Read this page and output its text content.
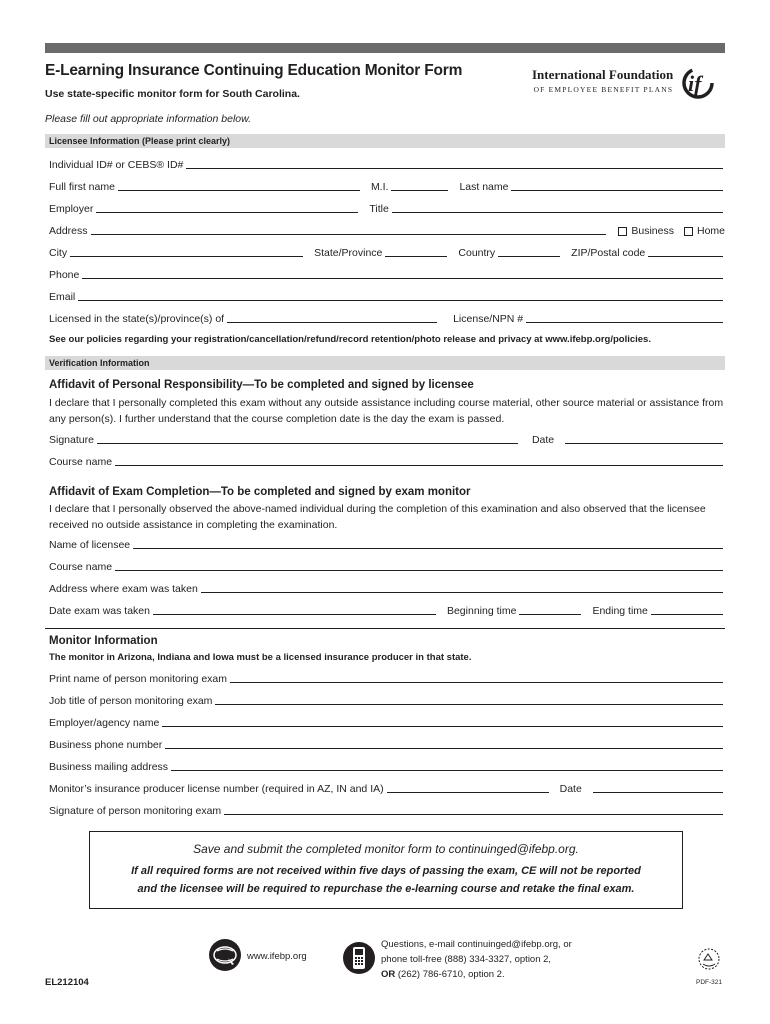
E-Learning Insurance Continuing Education Monitor Form
Use state-specific monitor form for South Carolina.
International Foundation
OF EMPLOYEE BENEFIT PLANS if
Please fill out appropriate information below.
Licensee Information (Please print clearly)
Individual ID# or CEBS® ID#
Full first name	M.I.	Last name
Employer	Title
Address	Business Home
City	State/Province	Country	ZIP/Postal code
Phone
Email
Licensed in the state(s)/province(s) of	License/NPN #
See our policies regarding your registration/cancellation/refund/record retention/photo release and privacy at www.ifebp.org/policies.
Verification Information
Affidavit of Personal Responsibility—To be completed and signed by licensee
I declare that I personally completed this exam without any outside assistance including course material, other source material or assistance from any person(s). I further understand that the course completion date is the day the exam is passed.
Signature	Date
Course name
Affidavit of Exam Completion—To be completed and signed by exam monitor
I declare that I personally observed the above-named individual during the completion of this examination and also observed that the licensee received no outside assistance in completing the examination.
Name of licensee
Course name
Address where exam was taken
Date exam was taken	Beginning time	Ending time
Monitor Information
The monitor in Arizona, Indiana and Iowa must be a licensed insurance producer in that state.
Print name of person monitoring exam
Job title of person monitoring exam
Employer/agency name
Business phone number
Business mailing address
Monitor’s insurance producer license number (required in AZ, IN and IA)	Date
Signature of person monitoring exam
Save and submit the completed monitor form to continuinged@ifebp.org.
If all required forms are not received within five days of passing the exam, CE will not be reported
and the licensee will be required to repurchase the e-learning course and retake the final exam.
www.ifebp.org
Questions, e-mail continuinged@ifebp.org, or
phone toll-free (888) 334-3327, option 2,
OR (262) 786-6710, option 2.
EL212104	PDF-321
